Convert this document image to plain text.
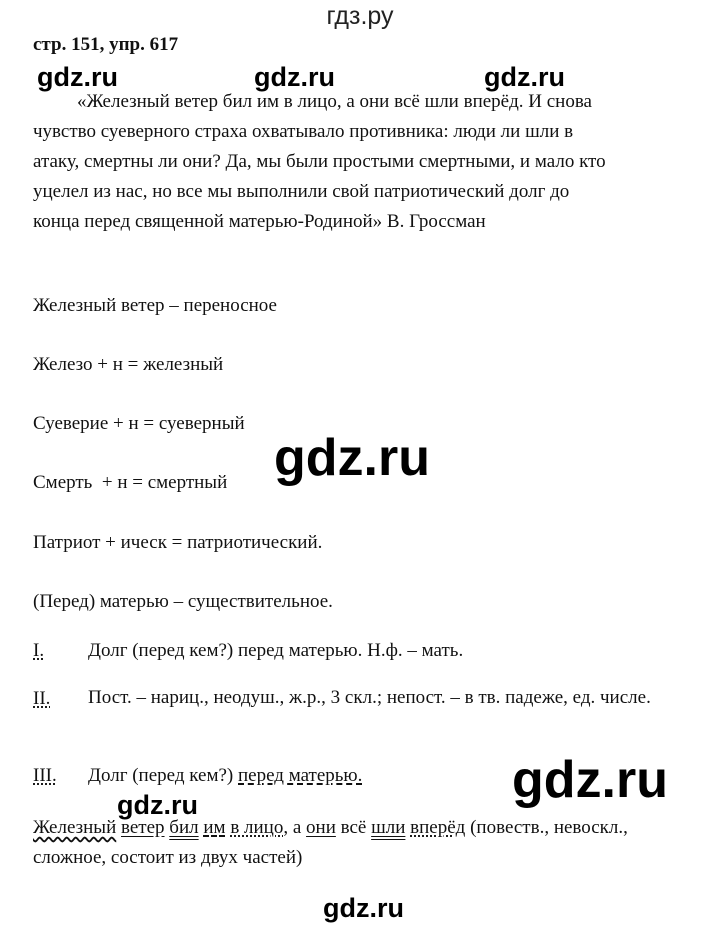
гдз.ру
стр. 151, упр. 617
gdz.ru	gdz.ru	gdz.ru
«Железный ветер бил им в лицо, а они всё шли вперёд. И снова
чувство суеверного страха охватывало противника: люди ли шли в
атаку, смертны ли они? Да, мы были простыми смертными, и мало кто
уцелел из нас, но все мы выполнили свой патриотический долг до
конца перед священной матерью-Родиной» В. Гроссман
Железный ветер – переносное
Железо + н = железный
Суеверие + н = суеверный
gdz.ru
Смерть  + н = смертный
Патриот + ическ = патриотический.
(Перед) матерью – существительное.
I. Долг (перед кем?) перед матерью. Н.ф. – мать.
II. Пост. – нариц., неодуш., ж.р., 3 скл.; непост. – в тв. падеже, ед. числе.
III. Долг (перед кем?) перед матерью.	gdz.ru
gdz.ru
Железный ветер бил им в лицо, а они всё шли вперёд (повеств., невоскл., сложное, состоит из двух частей)
gdz.ru
